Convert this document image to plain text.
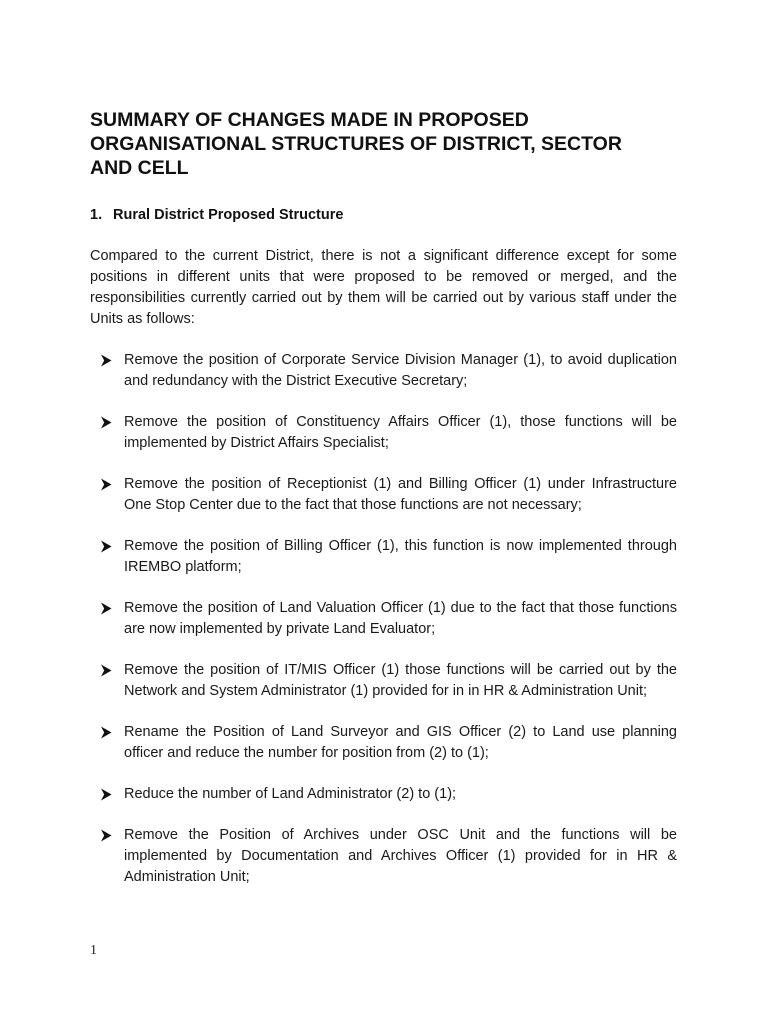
SUMMARY OF CHANGES MADE IN PROPOSED
ORGANISATIONAL STRUCTURES OF DISTRICT, SECTOR
AND CELL
1. Rural District Proposed Structure

Compared to the current District, there is not a significant difference except for some positions in different units that were proposed to be removed or merged, and the responsibilities currently carried out by them will be carried out by various staff under the Units as follows:

Remove the position of Corporate Service Division Manager (1), to avoid duplication and redundancy with the District Executive Secretary;

Remove the position of Constituency Affairs Officer (1), those functions will be implemented by District Affairs Specialist;

Remove the position of Receptionist (1) and Billing Officer (1) under Infrastructure One Stop Center due to the fact that those functions are not necessary;

Remove the position of Billing Officer (1), this function is now implemented through IREMBO platform;

Remove the position of Land Valuation Officer (1) due to the fact that those functions are now implemented by private Land Evaluator;

Remove the position of IT/MIS Officer (1) those functions will be carried out by the Network and System Administrator (1) provided for in in HR & Administration Unit;

Rename the Position of Land Surveyor and GIS Officer (2) to Land use planning officer and reduce the number for position from (2) to (1);

Reduce the number of Land Administrator (2) to (1);

Remove the Position of Archives under OSC Unit and the functions will be implemented by Documentation and Archives Officer (1) provided for in HR & Administration Unit;

1
